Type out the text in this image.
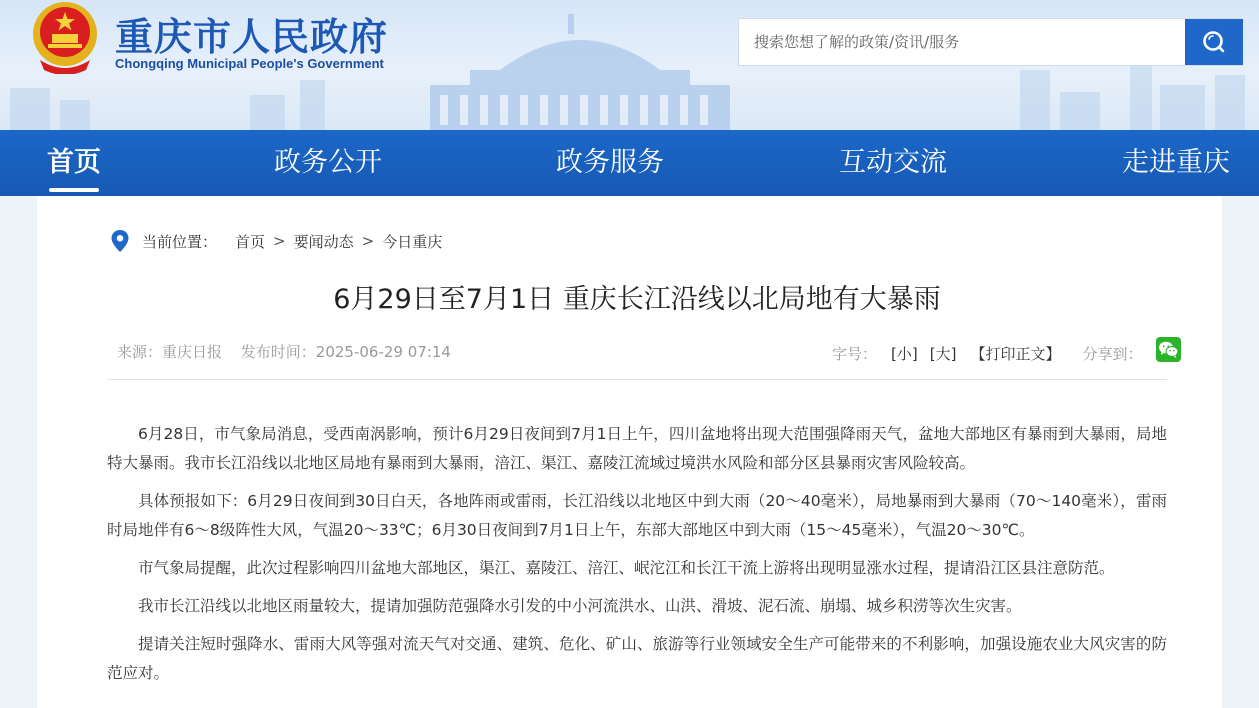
重庆市人民政府
Chongqing Municipal People's Government
搜索您想了解的政策/资讯/服务
首页	政务公开	政务服务	互动交流	走进重庆
当前位置： 首页 > 要闻动态 > 今日重庆
6月29日至7月1日 重庆长江沿线以北局地有大暴雨
来源：重庆日报 发布时间：2025-06-29 07:14	字号： [小] [大] 【打印正文】 分享到：

6月28日，市气象局消息，受西南涡影响，预计6月29日夜间到7月1日上午，四川盆地将出现大范围强降雨天气，盆地大部地区有暴雨到大暴雨，局地特大暴雨。我市长江沿线以北地区局地有暴雨到大暴雨，涪江、渠江、嘉陵江流域过境洪水风险和部分区县暴雨灾害风险较高。

具体预报如下：6月29日夜间到30日白天，各地阵雨或雷雨，长江沿线以北地区中到大雨（20～40毫米），局地暴雨到大暴雨（70～140毫米），雷雨时局地伴有6～8级阵性大风，气温20～33℃；6月30日夜间到7月1日上午，东部大部地区中到大雨（15～45毫米），气温20～30℃。

市气象局提醒，此次过程影响四川盆地大部地区，渠江、嘉陵江、涪江、岷沱江和长江干流上游将出现明显涨水过程，提请沿江区县注意防范。

我市长江沿线以北地区雨量较大，提请加强防范强降水引发的中小河流洪水、山洪、滑坡、泥石流、崩塌、城乡积涝等次生灾害。

提请关注短时强降水、雷雨大风等强对流天气对交通、建筑、危化、矿山、旅游等行业领域安全生产可能带来的不利影响，加强设施农业大风灾害的防范应对。
